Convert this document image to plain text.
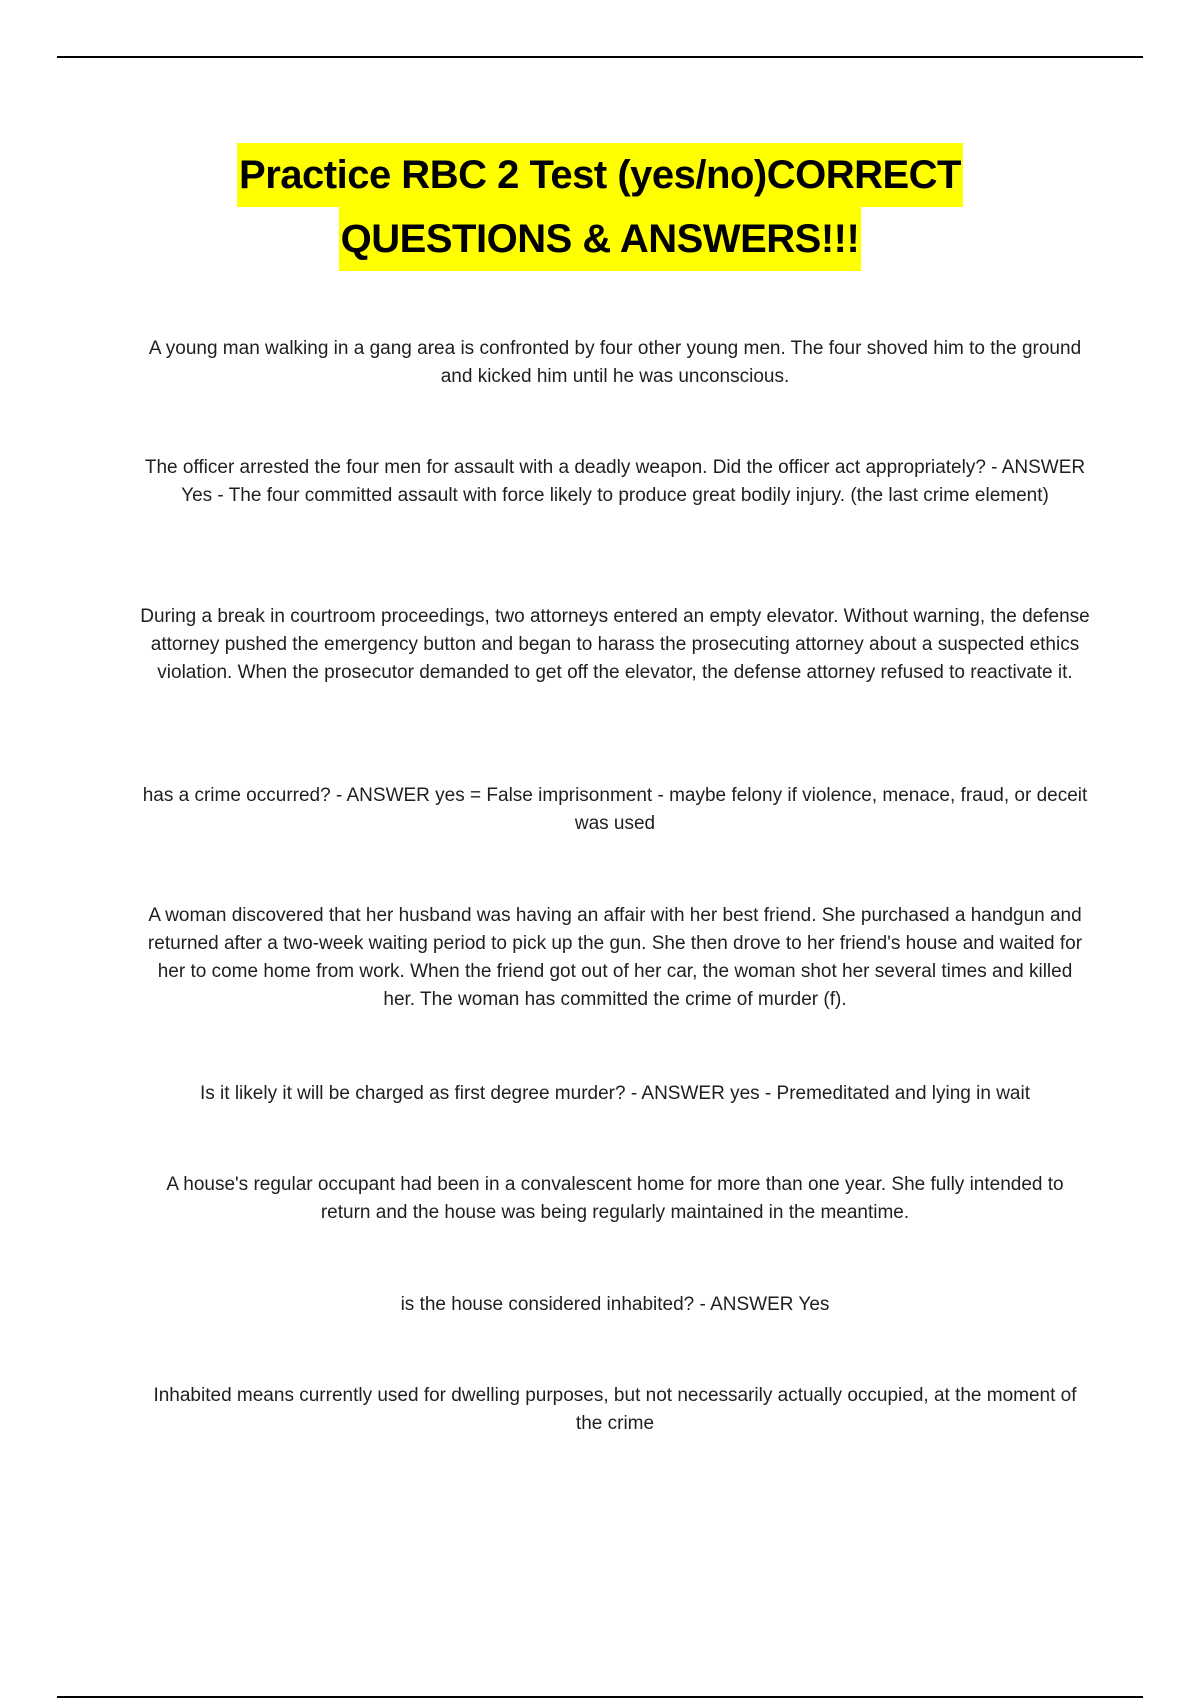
Practice RBC 2 Test (yes/no)CORRECT
QUESTIONS & ANSWERS!!!

A young man walking in a gang area is confronted by four other young men. The four shoved him to the ground and kicked him until he was unconscious.

The officer arrested the four men for assault with a deadly weapon. Did the officer act appropriately? - ANSWER Yes - The four committed assault with force likely to produce great bodily injury. (the last crime element)

During a break in courtroom proceedings, two attorneys entered an empty elevator. Without warning, the defense attorney pushed the emergency button and began to harass the prosecuting attorney about a suspected ethics violation. When the prosecutor demanded to get off the elevator, the defense attorney refused to reactivate it.

has a crime occurred? - ANSWER yes = False imprisonment - maybe felony if violence, menace, fraud, or deceit was used

A woman discovered that her husband was having an affair with her best friend. She purchased a handgun and returned after a two-week waiting period to pick up the gun. She then drove to her friend's house and waited for her to come home from work. When the friend got out of her car, the woman shot her several times and killed her. The woman has committed the crime of murder (f).

Is it likely it will be charged as first degree murder? - ANSWER yes - Premeditated and lying in wait

A house's regular occupant had been in a convalescent home for more than one year. She fully intended to return and the house was being regularly maintained in the meantime.

is the house considered inhabited? - ANSWER Yes

Inhabited means currently used for dwelling purposes, but not necessarily actually occupied, at the moment of the crime
